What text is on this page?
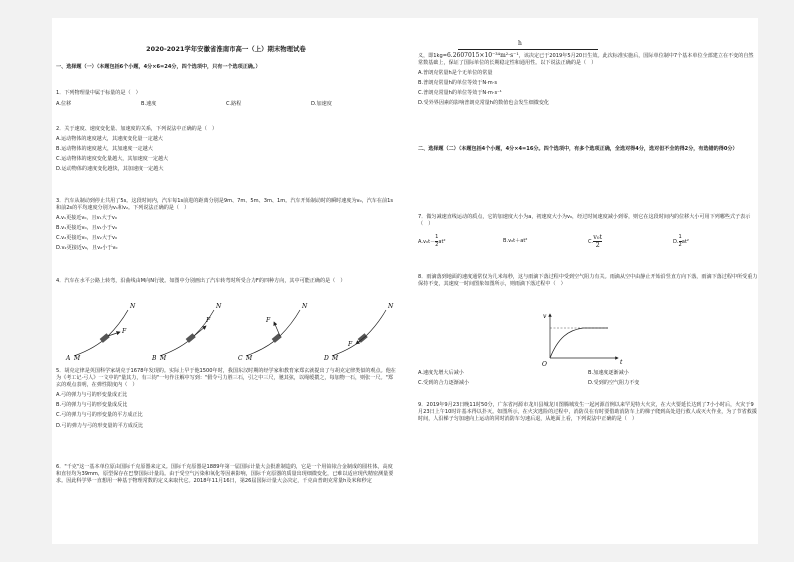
2020-2021学年安徽省淮南市高一（上）期末物理试卷
一、选择题（一）（本题包括6个小题，4分×6=24分，四个选项中，只有一个选项正确。）

1．下列物理量中属于标量的是（　）

A.位移	B.速度	C.路程	D.加速度

2．关于速度、速度变化量、加速度的关系，下列说法中正确的是（　）

A.运动物体的速度越大，其速度变化量一定越大

B.运动物体的速度越大，其加速度一定越大

C.运动物体的速度变化量越大，其加速度一定越大

D.运动物体的速度变化越快，其加速度一定越大

3．汽车从制动到停止共用了5s。这段时间内，汽车每1s前进的距离分别是9m、7m、5m、3m、1m。汽车开始制动时的瞬时速度为v₀，汽车在前1s和前2s的平均速度分别为v₁和v₂。下列说法正确的是（　）

A.v₁更接近v₀，且v₁大于v₀

B.v₁更接近v₀，且v₁小于v₀

C.v₂更接近v₀，且v₂大于v₀

D.v₂更接近v₀，且v₂小于v₀

4．汽车在水平公路上转弯，沿曲线由M向N行驶。如图中分别画出了汽车转弯时所受合力F的四种方向，其中可能正确的是（　）

A M
N
F
B M
N
F
C M
N
F
D M
N
F

5．胡克定律是英国科学家胡克于1678年发现的。实际上早于他1500年时，我国东汉时期的经学家和教育家郑玄就提出了与胡克定律类似的观点。他在为《考工记·弓人》一文中的"量其力，有三钧"一句作注解中写到："假令弓力胜三石，引之中三尺，驰其弦，以绳缓擐之，每加物一石，则张一尺。"郑玄的观点表明，在弹性限度内（　）

A.弓的弹力与弓的形变量成正比

B.弓的弹力与弓的形变量成反比

C.弓的弹力与弓的形变量的平方成正比

D.弓的弹力与弓的形变量的平方成反比

6．"千克"这一基本单位原由国际千克原器来定义。国际千克原器是1889年第一届国际计量大会批准制造的，它是一个用铂铱合金制成的圆柱体，高度和直径均为39mm，原型保存在巴黎国际计量局。由于受空气污染和氧化等因素影响，国际千克原器的质量出现细微变化，已难以适应现代精密测量要求。因此科学界一直想用一种基于物理常数的定义来取代它。2018年11月16日，第26届国际计量大会决定，千克由普朗克常量h及米和秒定

h

义，即1kg=6.2607015×10⁻³⁴m²·s⁻¹，该决定已于2019年5月20日生效。此次标准实施后，国际单位制中7个基本单位全部建立在不变的自然常数基础上，保证了国际单位的长期稳定性和通用性。以下说法正确的是（　）

A.普朗克常量h是个无单位的常量

B.普朗克常量h的单位等效于N·m·s

C.普朗克常量h的单位等效于N·m·s⁻¹

D.受外界因素的影响普朗克常量h的数值也会发生细微变化

二、选择题（二）（本题包括4个小题，4分×4=16分。四个选项中，有多个选项正确，全选对得4分，选对但不全的得2分，有选错的得0分）

7．做匀减速直线运动的质点，它的加速度大小为a，初速度大小为v₀，经过时间速度减小到零，则它在这段时间内的位移大小可用下列哪些式子表示（　）

$A.v_0t- \frac{1}{2} at^2$	B.v₀t＋at²	C. $\frac{\text{v₀t}}{2}$	D. $\frac{1}{2} at^2$

8．雨滴落到地面的速度通常仅为几米每秒，这与雨滴下落过程中受到空气阻力有关。雨滴从空中由静止开始沿竖直方向下落，雨滴下落过程中所受重力保持不变，其速度一时间图象如图所示，则雨滴下落过程中（　）

v
t
O
A.速度先增大后减小	B.加速度逐渐减小
C.受到的合力逐渐减小	D.受到的空气阻力不变

9．2019年9月23日晚11时50分，广东省河源市龙川县城龙川图腾城发生一起河源首例以来罕见特大火灾，在大火要延长达到了7小小时后，火灾于9月23日上午10时许基本得以扑灭。如图所示，在火灾逃险的过程中，消防员在有时要借助消防车上的梯子爬到高处进行救人或灭火作业，为了节省救援时间，人沿梯子匀加速向上运动的同时消防车匀速后退，从地面上看，下列说法中正确的是（　）
